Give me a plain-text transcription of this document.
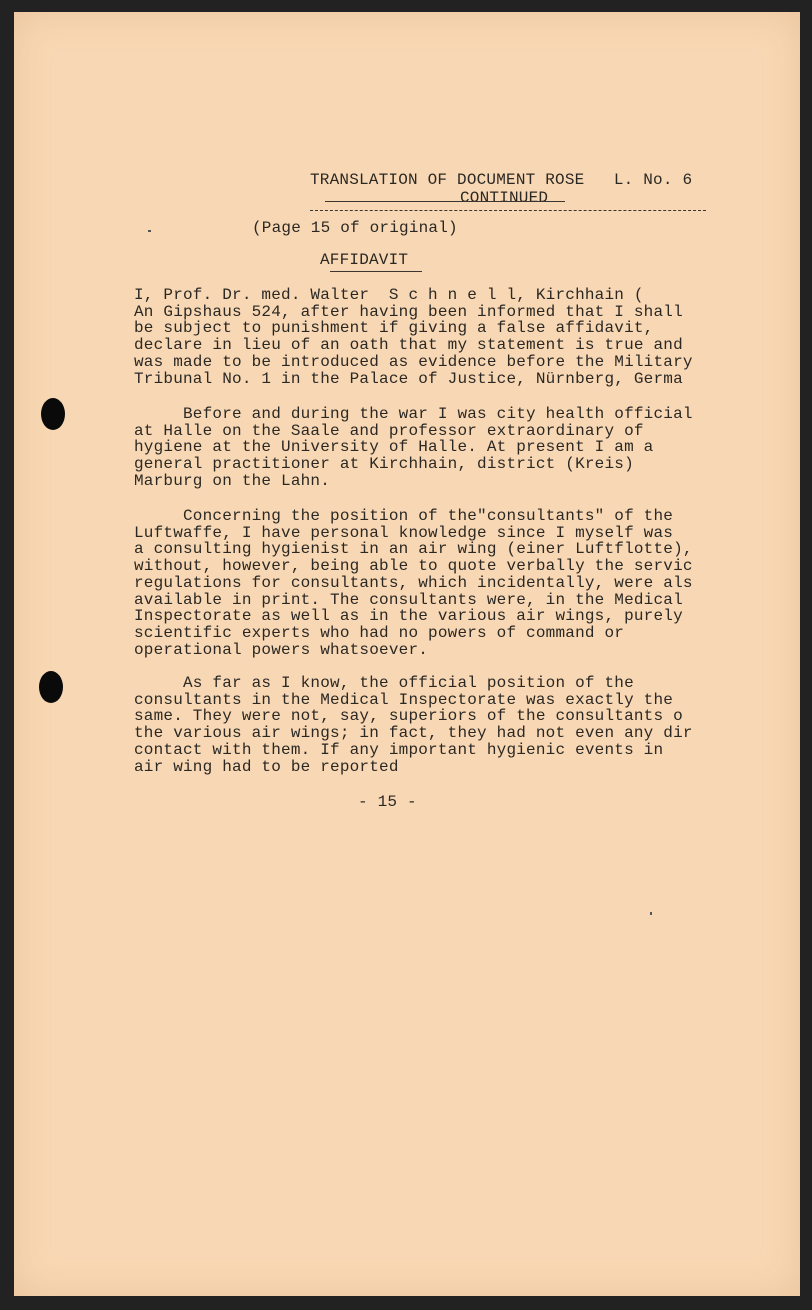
TRANSLATION OF DOCUMENT ROSE   L. No. 6

CONTINUED

(Page 15 of original)

AFFIDAVIT

I, Prof. Dr. med. Walter  S c h n e l l, Kirchhain (
An Gipshaus 524, after having been informed that I shall
be subject to punishment if giving a false affidavit,
declare in lieu of an oath that my statement is true and
was made to be introduced as evidence before the Military
Tribunal No. 1 in the Palace of Justice, Nürnberg, Germa
Before and during the war I was city health official
at Halle on the Saale and professor extraordinary of
hygiene at the University of Halle. At present I am a
general practitioner at Kirchhain, district (Kreis)
Marburg on the Lahn.
Concerning the position of the"consultants" of the
Luftwaffe, I have personal knowledge since I myself was
a consulting hygienist in an air wing (einer Luftflotte),
without, however, being able to quote verbally the servic
regulations for consultants, which incidentally, were als
available in print. The consultants were, in the Medical
Inspectorate as well as in the various air wings, purely
scientific experts who had no powers of command or
operational powers whatsoever.
As far as I know, the official position of the
consultants in the Medical Inspectorate was exactly the
same. They were not, say, superiors of the consultants o
the various air wings; in fact, they had not even any dir
contact with them. If any important hygienic events in
air wing had to be reported

- 15 -
